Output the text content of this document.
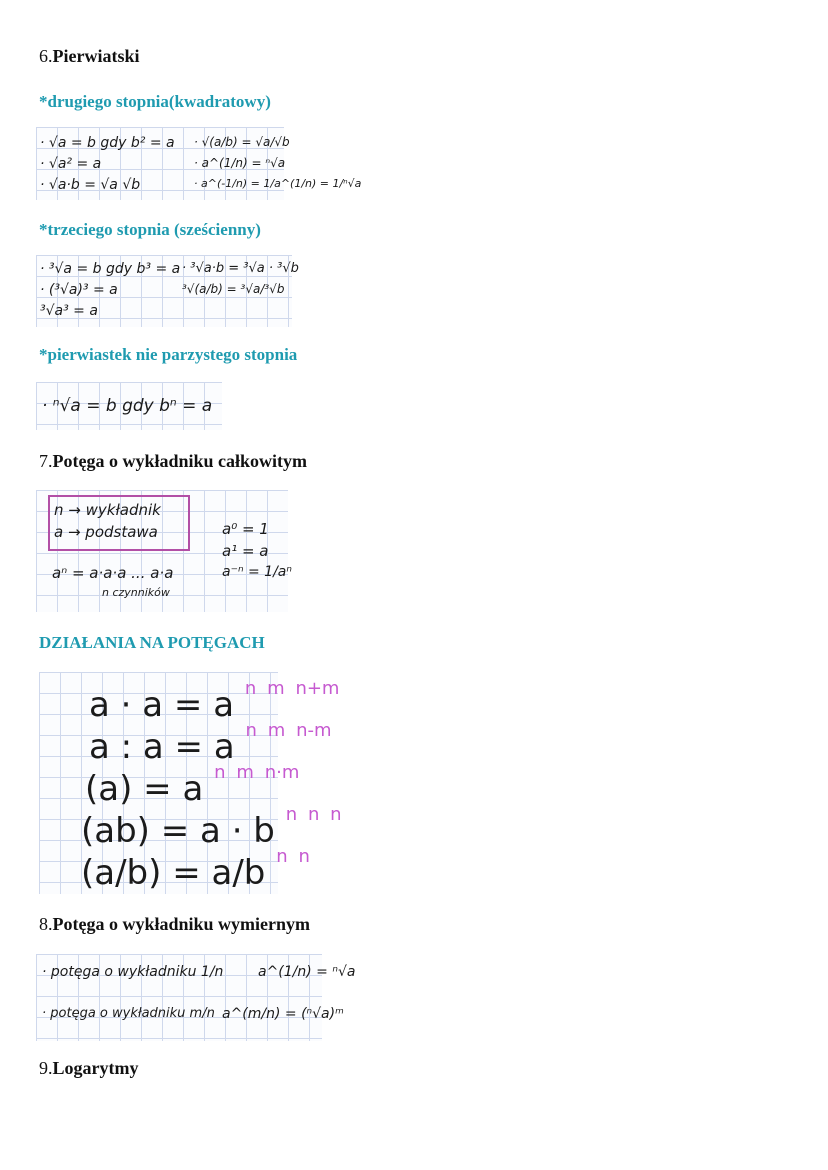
6.Pierwiatski
*drugiego stopnia(kwadratowy)
· √a = b gdy b² = a
· √a² = a
· √a·b = √a √b
· √(a/b) = √a/√b
· a^(1/n) = ⁿ√a
· a^(-1/n) = 1/a^(1/n) = 1/ⁿ√a
*trzeciego stopnia (sześcienny)
· ³√a = b gdy b³ = a
· (³√a)³ = a
³√a³ = a
· ³√a·b = ³√a · ³√b
³√(a/b) = ³√a/³√b
*pierwiastek nie parzystego stopnia
· ⁿ√a = b gdy bⁿ = a
7.Potęga o wykładniku całkowitym
n → wykładnik
a → podstawa
aⁿ = a·a·a ... a·a
n czynników
a⁰ = 1
a¹ = a
a⁻ⁿ = 1/aⁿ
DZIAŁANIA NA POTĘGACH
a · a = a $^n$ $^m$ $^{n+m}$
a : a = a $^n$ $^m$ $^{n-m}$
(a) = a $^n$ $^m$ $^{n\cdot m}$
(ab) = a · b $^n$ $^n$ $^n$
(a/b) = a/b $^n$ $^n$
8.Potęga o wykładniku wymiernym
· potęga o wykładniku 1/n a^(1/n) = ⁿ√a
· potęga o wykładniku m/n a^(m/n) = (ⁿ√a)ᵐ
9.Logarytmy
